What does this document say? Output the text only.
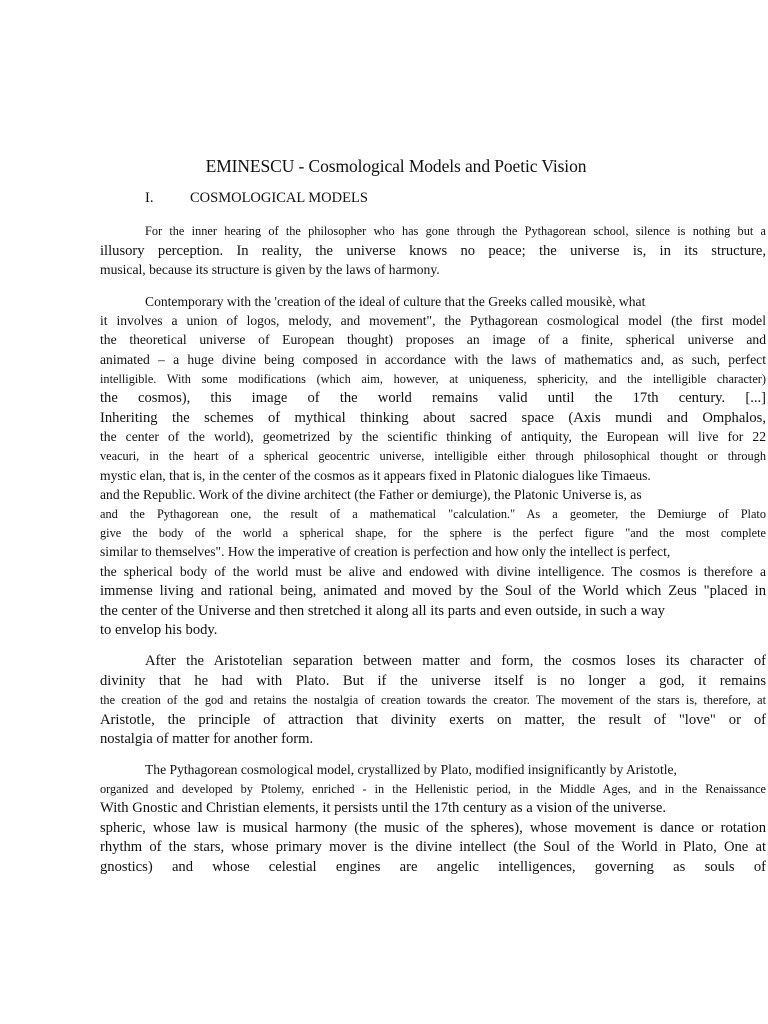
EMINESCU - Cosmological Models and Poetic Vision
I.	COSMOLOGICAL MODELS
For the inner hearing of the philosopher who has gone through the Pythagorean school, silence is nothing but a
illusory perception. In reality, the universe knows no peace; the universe is, in its structure,
musical, because its structure is given by the laws of harmony.
Contemporary with the 'creation of the ideal of culture that the Greeks called mousikè, what
it involves a union of logos, melody, and movement", the Pythagorean cosmological model (the first model
the theoretical universe of European thought) proposes an image of a finite, spherical universe and
animated – a huge divine being composed in accordance with the laws of mathematics and, as such, perfect
intelligible. With some modifications (which aim, however, at uniqueness, sphericity, and the intelligible character)
the cosmos), this image of the world remains valid until the 17th century. [...]
Inheriting the schemes of mythical thinking about sacred space (Axis mundi and Omphalos,
the center of the world), geometrized by the scientific thinking of antiquity, the European will live for 22
veacuri, in the heart of a spherical geocentric universe, intelligible either through philosophical thought or through
mystic elan, that is, in the center of the cosmos as it appears fixed in Platonic dialogues like Timaeus.
and the Republic. Work of the divine architect (the Father or demiurge), the Platonic Universe is, as
and the Pythagorean one, the result of a mathematical "calculation." As a geometer, the Demiurge of Plato
give the body of the world a spherical shape, for the sphere is the perfect figure "and the most complete
similar to themselves". How the imperative of creation is perfection and how only the intellect is perfect,
the spherical body of the world must be alive and endowed with divine intelligence. The cosmos is therefore a
immense living and rational being, animated and moved by the Soul of the World which Zeus "placed in
the center of the Universe and then stretched it along all its parts and even outside, in such a way
to envelop his body.
After the Aristotelian separation between matter and form, the cosmos loses its character of
divinity that he had with Plato. But if the universe itself is no longer a god, it remains
the creation of the god and retains the nostalgia of creation towards the creator. The movement of the stars is, therefore, at
Aristotle, the principle of attraction that divinity exerts on matter, the result of "love" or of
nostalgia of matter for another form.
The Pythagorean cosmological model, crystallized by Plato, modified insignificantly by Aristotle,
organized and developed by Ptolemy, enriched - in the Hellenistic period, in the Middle Ages, and in the Renaissance
With Gnostic and Christian elements, it persists until the 17th century as a vision of the universe.
spheric, whose law is musical harmony (the music of the spheres), whose movement is dance or rotation
rhythm of the stars, whose primary mover is the divine intellect (the Soul of the World in Plato, One at
gnostics) and whose celestial engines are angelic intelligences, governing as souls of
